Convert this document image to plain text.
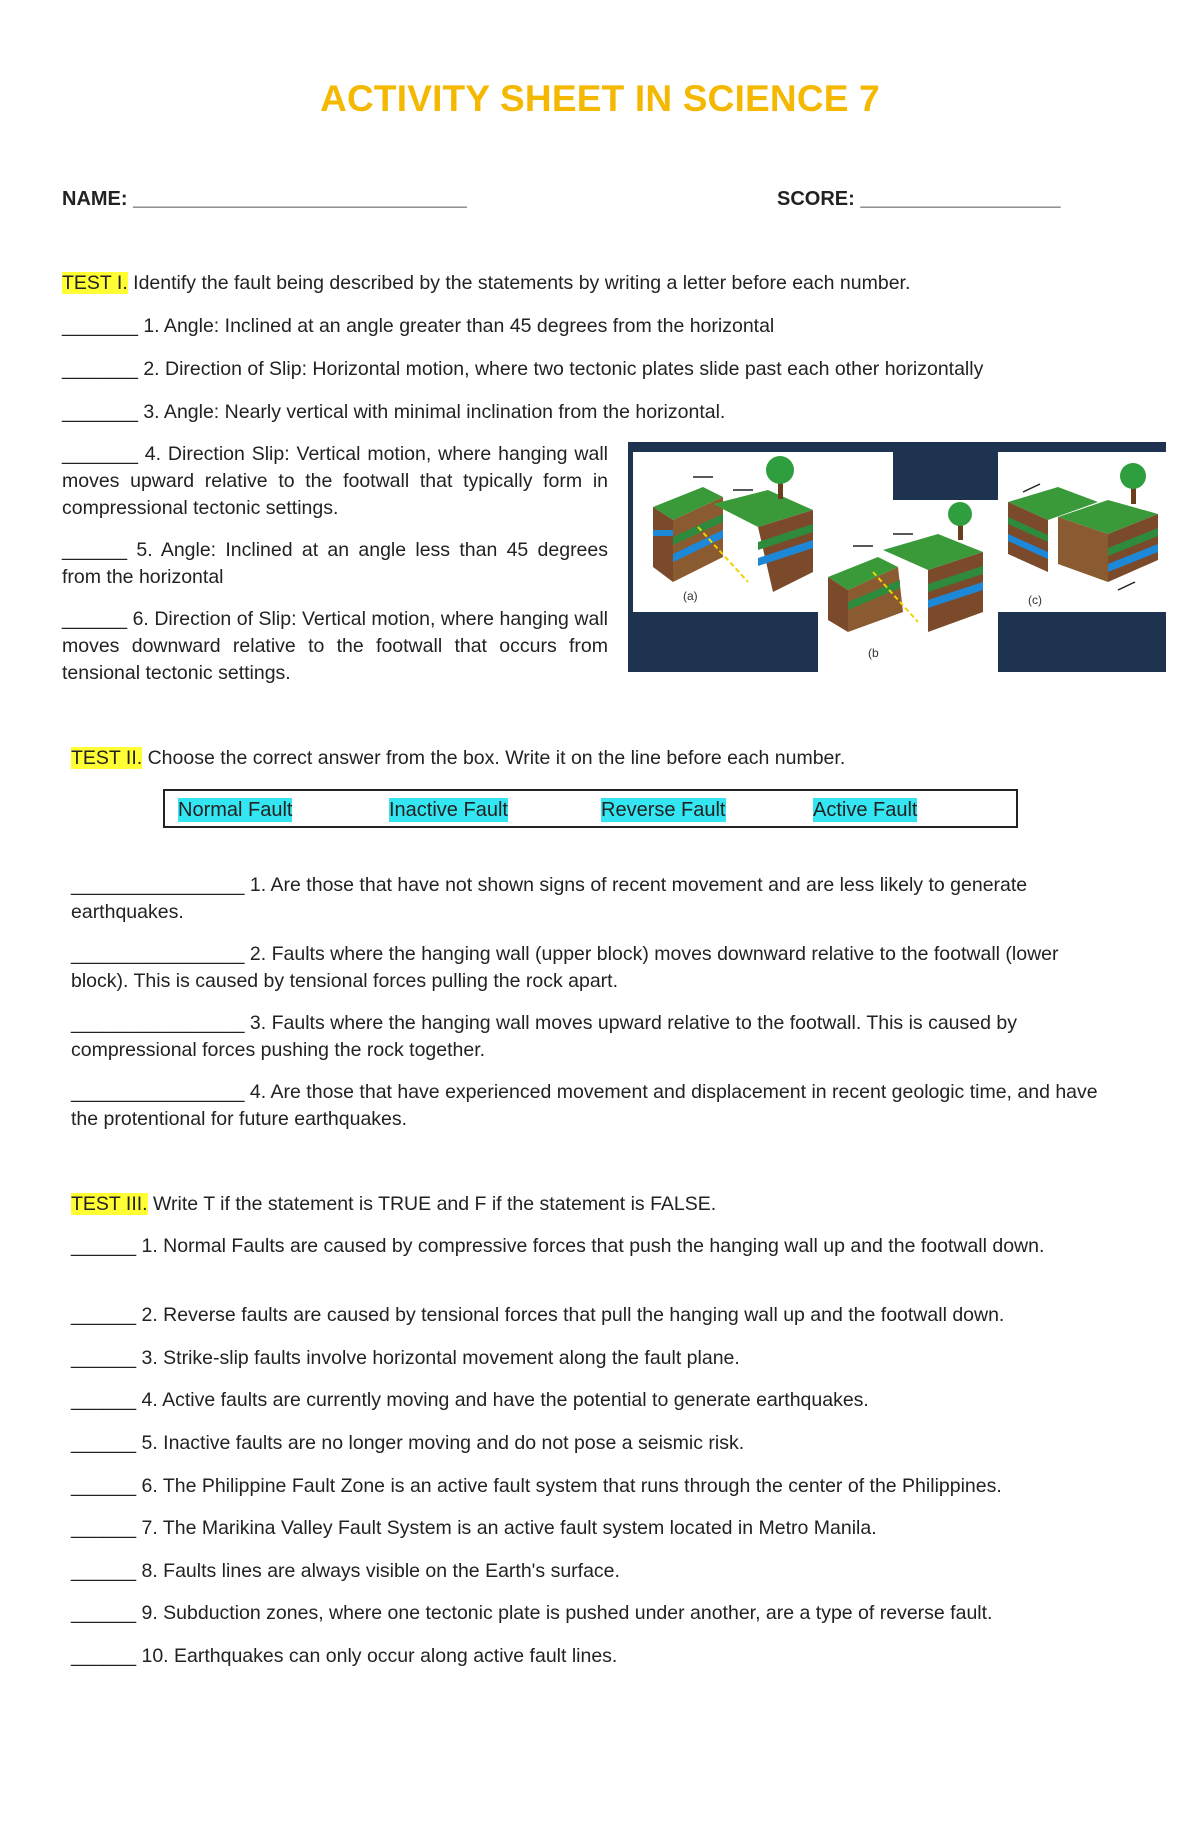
ACTIVITY SHEET IN SCIENCE 7
NAME: ______________________________	SCORE: __________________
TEST I. Identify the fault being described by the statements by writing a letter before each number.
_______ 1. Angle: Inclined at an angle greater than 45 degrees from the horizontal
_______ 2. Direction of Slip: Horizontal motion, where two tectonic plates slide past each other horizontally
_______ 3. Angle: Nearly vertical with minimal inclination from the horizontal.
_______ 4. Direction Slip: Vertical motion, where hanging wall moves upward relative to the footwall that typically form in compressional tectonic settings.
______ 5. Angle: Inclined at an angle less than 45 degrees from the horizontal
______ 6. Direction of Slip: Vertical motion, where hanging wall moves downward relative to the footwall that occurs from tensional tectonic settings.
(a)
(b
(c)
TEST II. Choose the correct answer from the box. Write it on the line before each number.
Normal Fault	Inactive Fault	Reverse Fault	Active Fault
________________ 1. Are those that have not shown signs of recent movement and are less likely to generate earthquakes.
________________ 2. Faults where the hanging wall (upper block) moves downward relative to the footwall (lower block). This is caused by tensional forces pulling the rock apart.
________________ 3. Faults where the hanging wall moves upward relative to the footwall. This is caused by compressional forces pushing the rock together.
________________ 4. Are those that have experienced movement and displacement in recent geologic time, and have the protentional for future earthquakes.
TEST III. Write T if the statement is TRUE and F if the statement is FALSE.
______ 1. Normal Faults are caused by compressive forces that push the hanging wall up and the footwall down.
______ 2. Reverse faults are caused by tensional forces that pull the hanging wall up and the footwall down.
______ 3. Strike-slip faults involve horizontal movement along the fault plane.
______ 4. Active faults are currently moving and have the potential to generate earthquakes.
______ 5. Inactive faults are no longer moving and do not pose a seismic risk.
______ 6. The Philippine Fault Zone is an active fault system that runs through the center of the Philippines.
______ 7. The Marikina Valley Fault System is an active fault system located in Metro Manila.
______ 8. Faults lines are always visible on the Earth's surface.
______ 9. Subduction zones, where one tectonic plate is pushed under another, are a type of reverse fault.
______ 10. Earthquakes can only occur along active fault lines.
